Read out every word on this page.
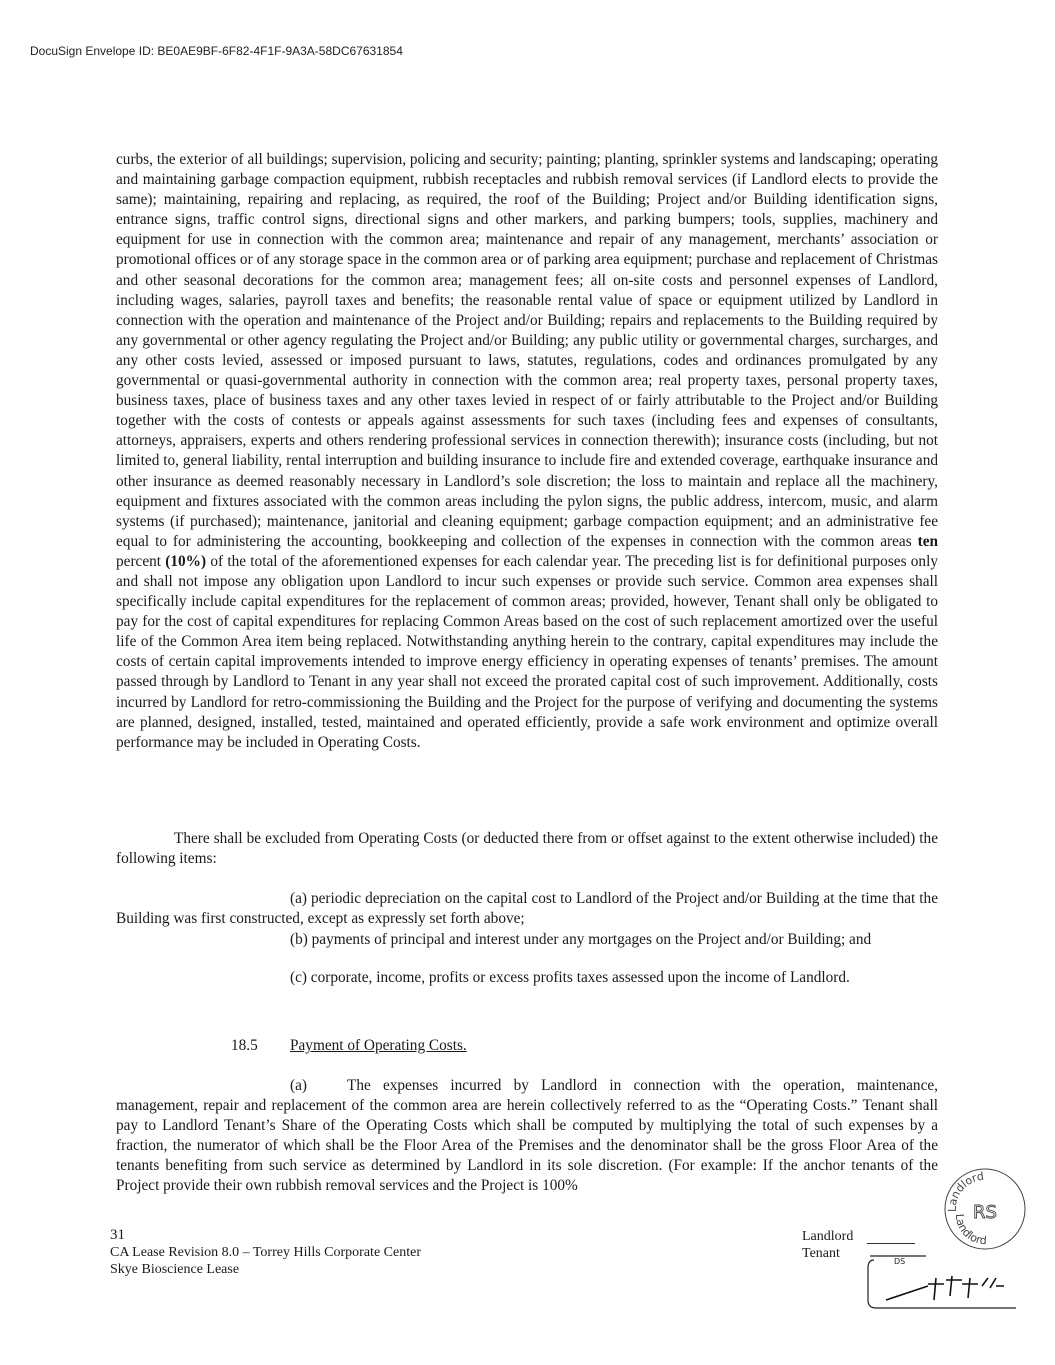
DocuSign Envelope ID: BE0AE9BF-6F82-4F1F-9A3A-58DC67631854
curbs, the exterior of all buildings; supervision, policing and security; painting; planting, sprinkler systems and landscaping; operating and maintaining garbage compaction equipment, rubbish receptacles and rubbish removal services (if Landlord elects to provide the same); maintaining, repairing and replacing, as required, the roof of the Building; Project and/or Building identification signs, entrance signs, traffic control signs, directional signs and other markers, and parking bumpers; tools, supplies, machinery and equipment for use in connection with the common area; maintenance and repair of any management, merchants’ association or promotional offices or of any storage space in the common area or of parking area equipment; purchase and replacement of Christmas and other seasonal decorations for the common area; management fees; all on-site costs and personnel expenses of Landlord, including wages, salaries, payroll taxes and benefits; the reasonable rental value of space or equipment utilized by Landlord in connection with the operation and maintenance of the Project and/or Building; repairs and replacements to the Building required by any governmental or other agency regulating the Project and/or Building; any public utility or governmental charges, surcharges, and any other costs levied, assessed or imposed pursuant to laws, statutes, regulations, codes and ordinances promulgated by any governmental or quasi-governmental authority in connection with the common area; real property taxes, personal property taxes, business taxes, place of business taxes and any other taxes levied in respect of or fairly attributable to the Project and/or Building together with the costs of contests or appeals against assessments for such taxes (including fees and expenses of consultants, attorneys, appraisers, experts and others rendering professional services in connection therewith); insurance costs (including, but not limited to, general liability, rental interruption and building insurance to include fire and extended coverage, earthquake insurance and other insurance as deemed reasonably necessary in Landlord’s sole discretion; the loss to maintain and replace all the machinery, equipment and fixtures associated with the common areas including the pylon signs, the public address, intercom, music, and alarm systems (if purchased); maintenance, janitorial and cleaning equipment; garbage compaction equipment; and an administrative fee equal to for administering the accounting, bookkeeping and collection of the expenses in connection with the common areas ten percent (10%) of the total of the aforementioned expenses for each calendar year. The preceding list is for definitional purposes only and shall not impose any obligation upon Landlord to incur such expenses or provide such service. Common area expenses shall specifically include capital expenditures for the replacement of common areas; provided, however, Tenant shall only be obligated to pay for the cost of capital expenditures for replacing Common Areas based on the cost of such replacement amortized over the useful life of the Common Area item being replaced. Notwithstanding anything herein to the contrary, capital expenditures may include the costs of certain capital improvements intended to improve energy efficiency in operating expenses of tenants’ premises. The amount passed through by Landlord to Tenant in any year shall not exceed the prorated capital cost of such improvement. Additionally, costs incurred by Landlord for retro-commissioning the Building and the Project for the purpose of verifying and documenting the systems are planned, designed, installed, tested, maintained and operated efficiently, provide a safe work environment and optimize overall performance may be included in Operating Costs.
There shall be excluded from Operating Costs (or deducted there from or offset against to the extent otherwise included) the following items:
(a) periodic depreciation on the capital cost to Landlord of the Project and/or Building at the time that the Building was first constructed, except as expressly set forth above;
(b) payments of principal and interest under any mortgages on the Project and/or Building; and
(c) corporate, income, profits or excess profits taxes assessed upon the income of Landlord.
18.5 Payment of Operating Costs.
(a)	The expenses incurred by Landlord in connection with the operation, maintenance, management, repair and replacement of the common area are herein collectively referred to as the “Operating Costs.” Tenant shall pay to Landlord Tenant’s Share of the Operating Costs which shall be computed by multiplying the total of such expenses by a fraction, the numerator of which shall be the Floor Area of the Premises and the denominator shall be the gross Floor Area of the tenants benefiting from such service as determined by Landlord in its sole discretion. (For example: If the anchor tenants of the Project provide their own rubbish removal services and the Project is 100%
31
CA Lease Revision 8.0 – Torrey Hills Corporate Center
Skye Bioscience Lease
Landlord
Tenant
DS
Landlord
RS
Landlord
